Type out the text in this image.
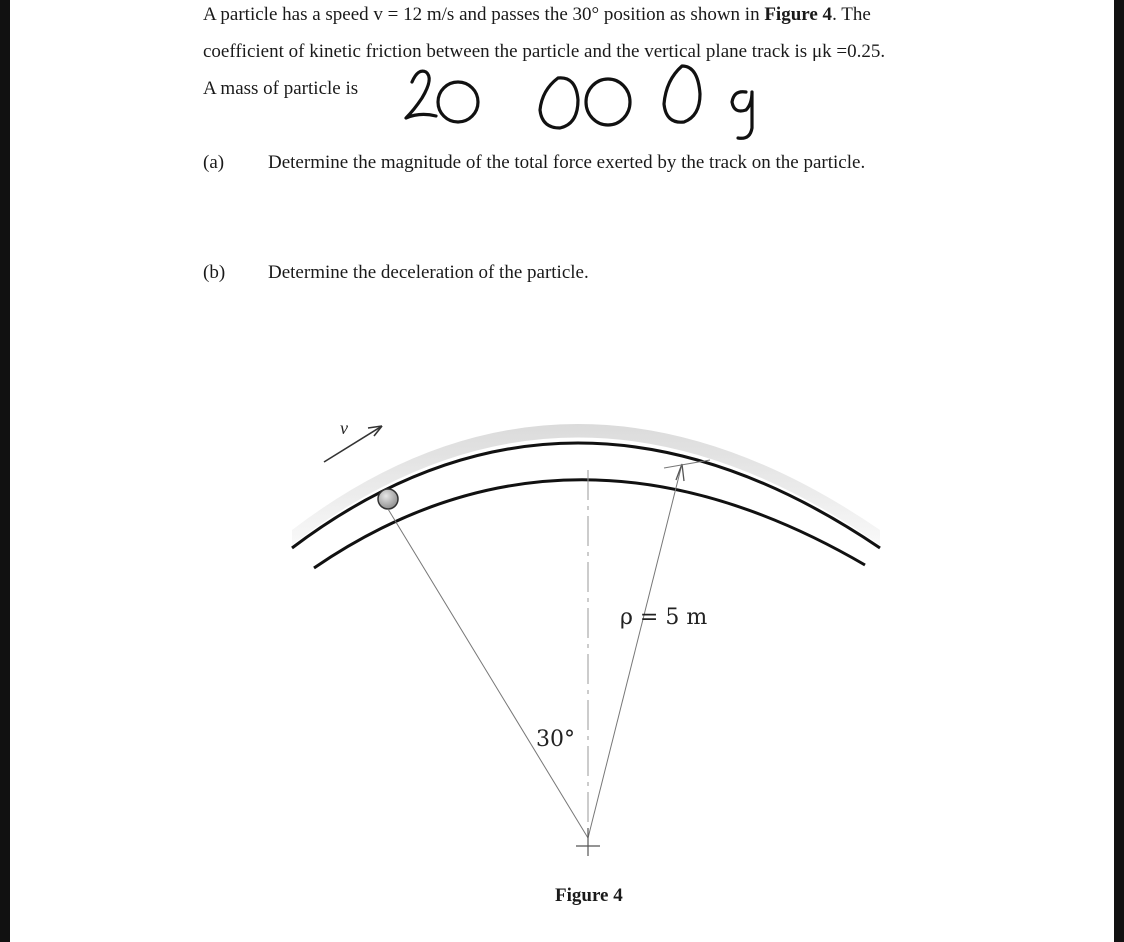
A particle has a speed v = 12 m/s and passes the 30° position as shown in Figure 4. The
coefficient of kinetic friction between the particle and the vertical plane track is μk =0.25.
A mass of particle is
(a) Determine the magnitude of the total force exerted by the track on the particle.
(b) Determine the deceleration of the particle.
v
ρ = 5 m
30°
Figure 4
